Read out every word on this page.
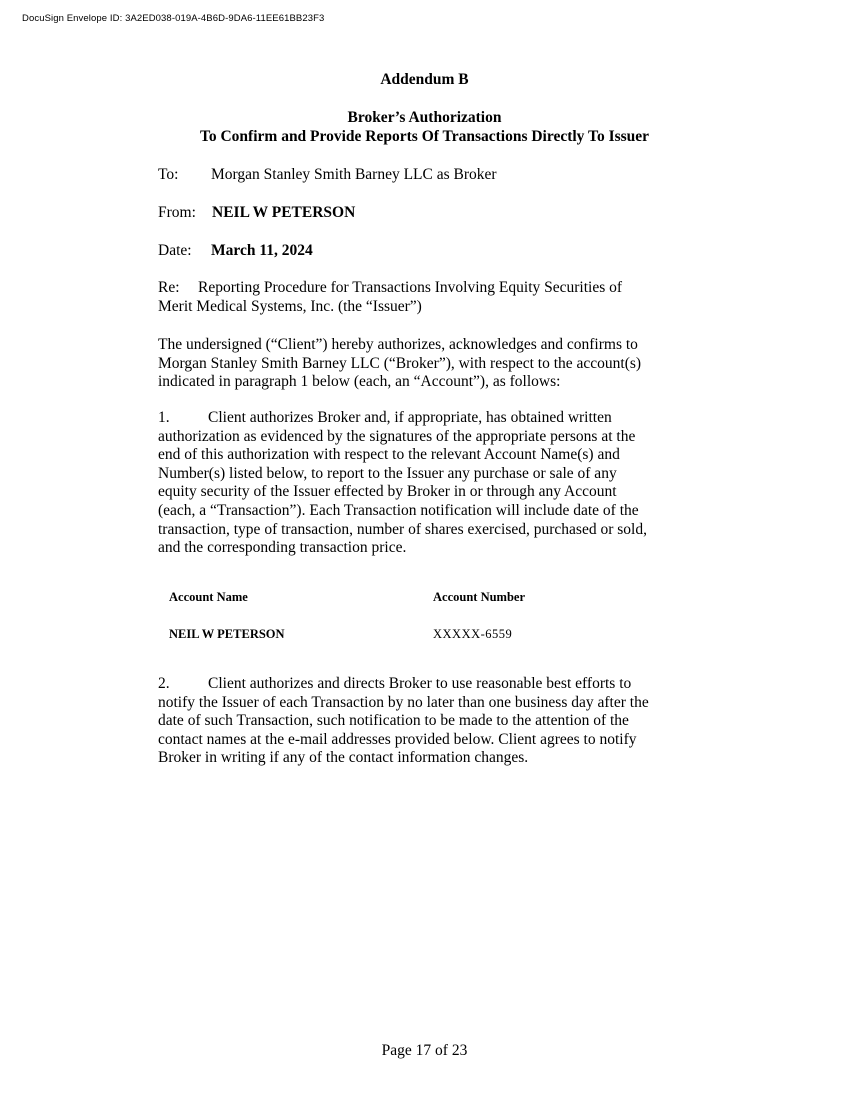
DocuSign Envelope ID: 3A2ED038-019A-4B6D-9DA6-11EE61BB23F3
Addendum B
Broker’s Authorization
To Confirm and Provide Reports Of Transactions Directly To Issuer
To: Morgan Stanley Smith Barney LLC as Broker
From: NEIL W PETERSON
Date: March 11, 2024
Re: Reporting Procedure for Transactions Involving Equity Securities of
Merit Medical Systems, Inc. (the “Issuer”)
The undersigned (“Client”) hereby authorizes, acknowledges and confirms to
Morgan Stanley Smith Barney LLC (“Broker”), with respect to the account(s)
indicated in paragraph 1 below (each, an “Account”), as follows:
1. Client authorizes Broker and, if appropriate, has obtained written
authorization as evidenced by the signatures of the appropriate persons at the
end of this authorization with respect to the relevant Account Name(s) and
Number(s) listed below, to report to the Issuer any purchase or sale of any
equity security of the Issuer effected by Broker in or through any Account
(each, a “Transaction”). Each Transaction notification will include date of the
transaction, type of transaction, number of shares exercised, purchased or sold,
and the corresponding transaction price.
Account Name	Account Number
NEIL W PETERSON	XXXXX-6559
2. Client authorizes and directs Broker to use reasonable best efforts to
notify the Issuer of each Transaction by no later than one business day after the
date of such Transaction, such notification to be made to the attention of the
contact names at the e-mail addresses provided below. Client agrees to notify
Broker in writing if any of the contact information changes.
Page 17 of 23
